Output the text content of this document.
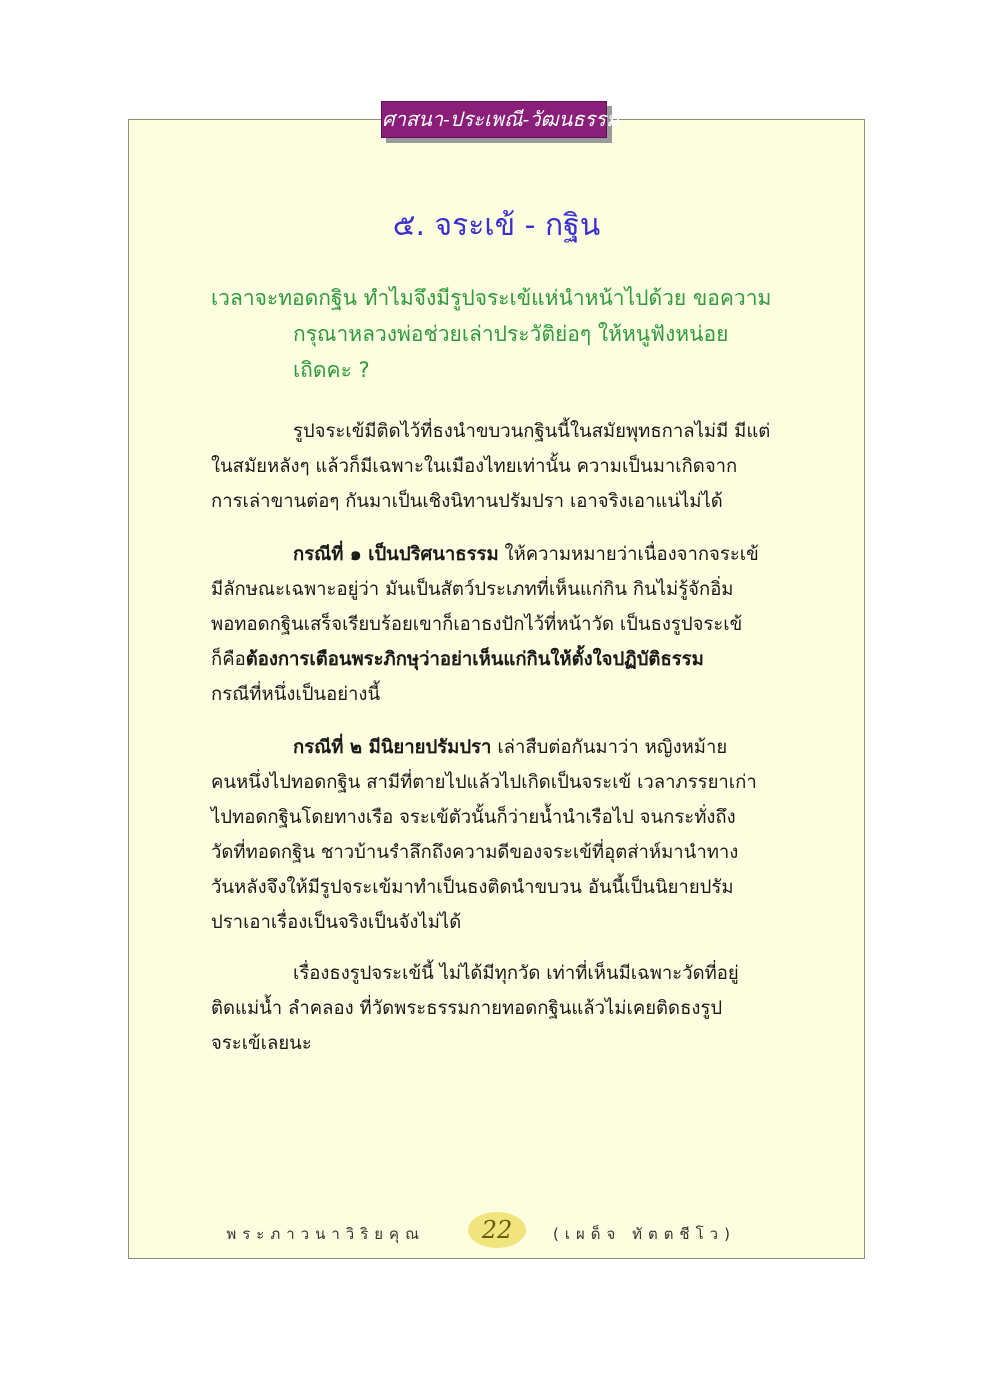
ศาสนา-ประเพณี-วัฒนธรรม
๕. จระเข้ - กฐิน
เวลาจะทอดกฐิน ทำไมจึงมีรูปจระเข้แห่นำหน้าไปด้วย ขอความ
กรุณาหลวงพ่อช่วยเล่าประวัติย่อๆ ให้หนูฟังหน่อย
เถิดคะ ?
รูปจระเข้มีติดไว้ที่ธงนำขบวนกฐินนี้ในสมัยพุทธกาลไม่มี มีแต่
ในสมัยหลังๆ แล้วก็มีเฉพาะในเมืองไทยเท่านั้น ความเป็นมาเกิดจาก
การเล่าขานต่อๆ กันมาเป็นเชิงนิทานปรัมปรา เอาจริงเอาแน่ไม่ได้
กรณีที่ ๑ เป็นปริศนาธรรม ให้ความหมายว่าเนื่องจากจระเข้
มีลักษณะเฉพาะอยู่ว่า มันเป็นสัตว์ประเภทที่เห็นแก่กิน กินไม่รู้จักอิ่ม
พอทอดกฐินเสร็จเรียบร้อยเขาก็เอาธงปักไว้ที่หน้าวัด เป็นธงรูปจระเข้
ก็คือต้องการเตือนพระภิกษุว่าอย่าเห็นแก่กินให้ตั้งใจปฏิบัติธรรม
กรณีที่หนึ่งเป็นอย่างนี้
กรณีที่ ๒ มีนิยายปรัมปรา เล่าสืบต่อกันมาว่า หญิงหม้าย
คนหนึ่งไปทอดกฐิน สามีที่ตายไปแล้วไปเกิดเป็นจระเข้ เวลาภรรยาเก่า
ไปทอดกฐินโดยทางเรือ จระเข้ตัวนั้นก็ว่ายน้ำนำเรือไป จนกระทั่งถึง
วัดที่ทอดกฐิน ชาวบ้านรำลึกถึงความดีของจระเข้ที่อุตส่าห์มานำทาง
วันหลังจึงให้มีรูปจระเข้มาทำเป็นธงติดนำขบวน อันนี้เป็นนิยายปรัม
ปราเอาเรื่องเป็นจริงเป็นจังไม่ได้
เรื่องธงรูปจระเข้นี้ ไม่ได้มีทุกวัด เท่าที่เห็นมีเฉพาะวัดที่อยู่
ติดแม่น้ำ ลำคลอง ที่วัดพระธรรมกายทอดกฐินแล้วไม่เคยติดธงรูป
จระเข้เลยนะ
พระภาวนาวิริยคุณ	22	(เผด็จ ทัตตชีโว)
